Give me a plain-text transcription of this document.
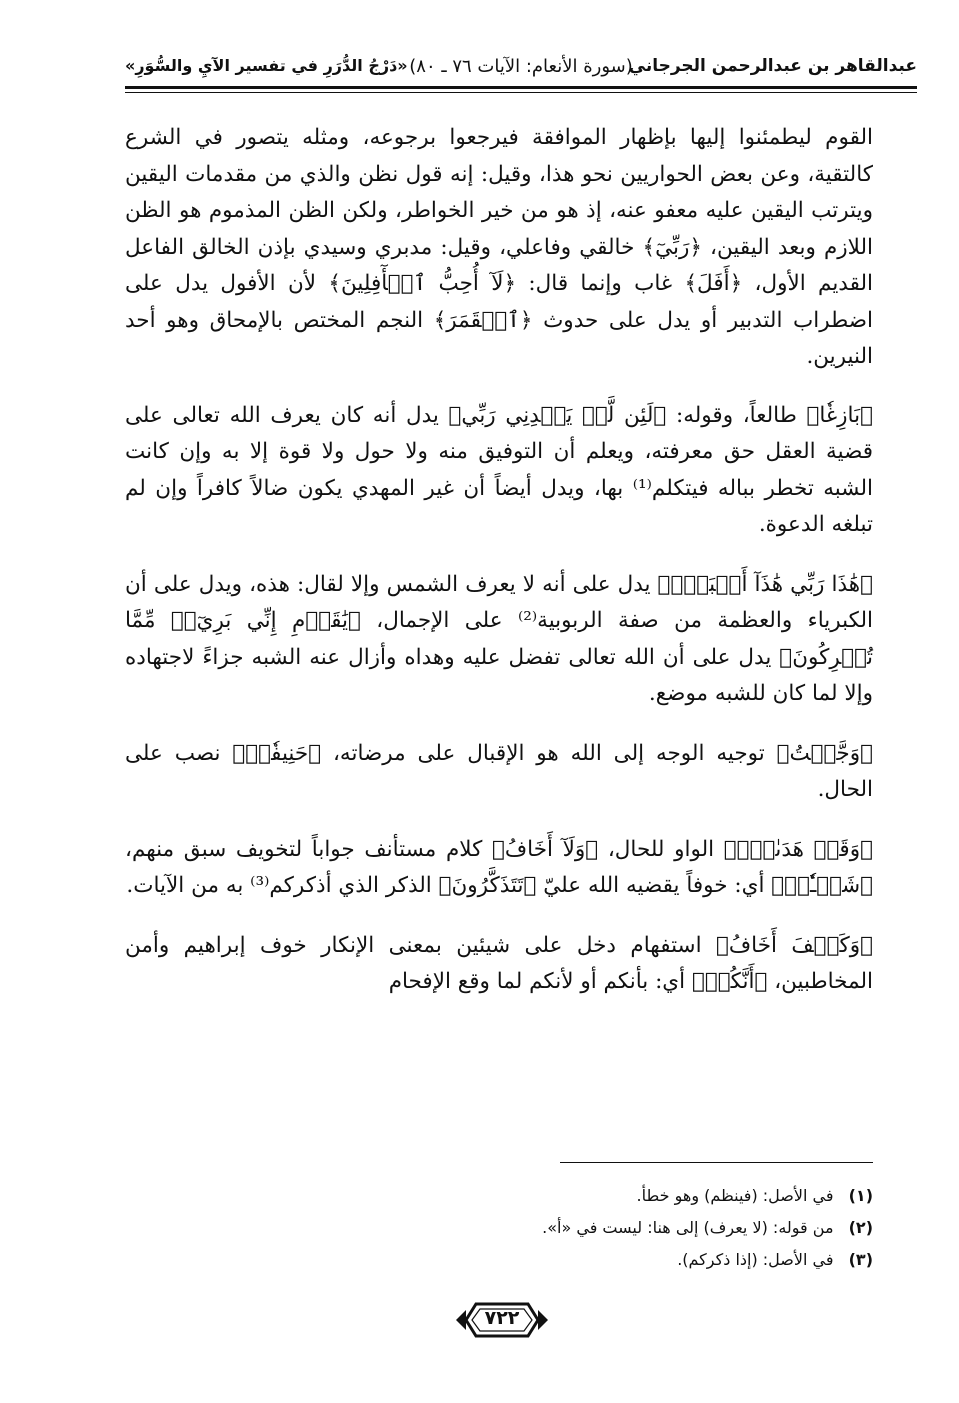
عبدالقاهر بن عبدالرحمن الجرجاني
(سورة الأنعام: الآيات ٧٦ ـ ٨٠)
«دَرْجُ الدُّرَرِ في تفسير الآيِ والسُّوَرِ»

القوم ليطمئنوا إليها بإظهار الموافقة فيرجعوا برجوعه، ومثله يتصور في الشرع كالتقية، وعن بعض الحواريين نحو هذا، وقيل: إنه قول نظن والذي من مقدمات اليقين ويترتب اليقين عليه معفو عنه، إذ هو من خير الخواطر، ولكن الظن المذموم هو الظن اللازم وبعد اليقين، ﴿رَبِّيٓ﴾ خالقي وفاعلي، وقيل: مدبري وسيدي بإذن الخالق الفاعل القديم الأول، ﴿أَفَلَ﴾ غاب وإنما قال: ﴿لَآ أُحِبُّ ٱلۡأٓفِلِينَ﴾ لأن الأفول يدل على اضطراب التدبير أو يدل على حدوث ﴿ٱلۡقَمَرَ﴾ النجم المختص بالإمحاق وهو أحد النيرين.

﴿بَازِغٗا﴾ طالعاً، وقوله: ﴿لَئِن لَّمۡ يَهۡدِنِي رَبِّي﴾ يدل أنه كان يعرف الله تعالى على قضية العقل حق معرفته، ويعلم أن التوفيق منه ولا حول ولا قوة إلا به وإن كانت الشبه تخطر بباله فيتكلم⁽¹⁾ بها، ويدل أيضاً أن غير المهدي يكون ضالاً كافراً وإن لم تبلغه الدعوة.

﴿هَٰذَا رَبِّي هَٰذَآ أَكۡبَرُۖ﴾ يدل على أنه لا يعرف الشمس وإلا لقال: هذه، ويدل على أن الكبرياء والعظمة من صفة الربوبية⁽²⁾ على الإجمال، ﴿يَٰقَوۡمِ إِنِّي بَرِيٓءٞ مِّمَّا تُشۡرِكُونَ﴾ يدل على أن الله تعالى تفضل عليه وهداه وأزال عنه الشبه جزاءً لاجتهاده وإلا لما كان للشبه موضع.

﴿وَجَّهۡتُ﴾ توجيه الوجه إلى الله هو الإقبال على مرضاته، ﴿حَنِيفٗاۖ﴾ نصب على الحال.

﴿وَقَدۡ هَدَىٰنِۚ﴾ الواو للحال، ﴿وَلَآ أَخَافُ﴾ كلام مستأنف جواباً لتخويف سبق منهم، ﴿شَيۡـٔٗاۚ﴾ أي: خوفاً يقضيه الله عليّ ﴿تَتَذَكَّرُونَ﴾ الذكر الذي أذكركم⁽³⁾ به من الآيات.

﴿وَكَيۡفَ أَخَافُ﴾ استفهام دخل على شيئين بمعنى الإنكار خوف إبراهيم وأمن المخاطبين، ﴿أَنَّكُمۡ﴾ أي: بأنكم أو لأنكم لما وقع الإفحام

(١) في الأصل: (فينظم) وهو خطأ.
(٢) من قوله: (لا يعرف) إلى هنا: ليست في «أ».
(٣) في الأصل: (إذا ذكركم).
٧٢٢
